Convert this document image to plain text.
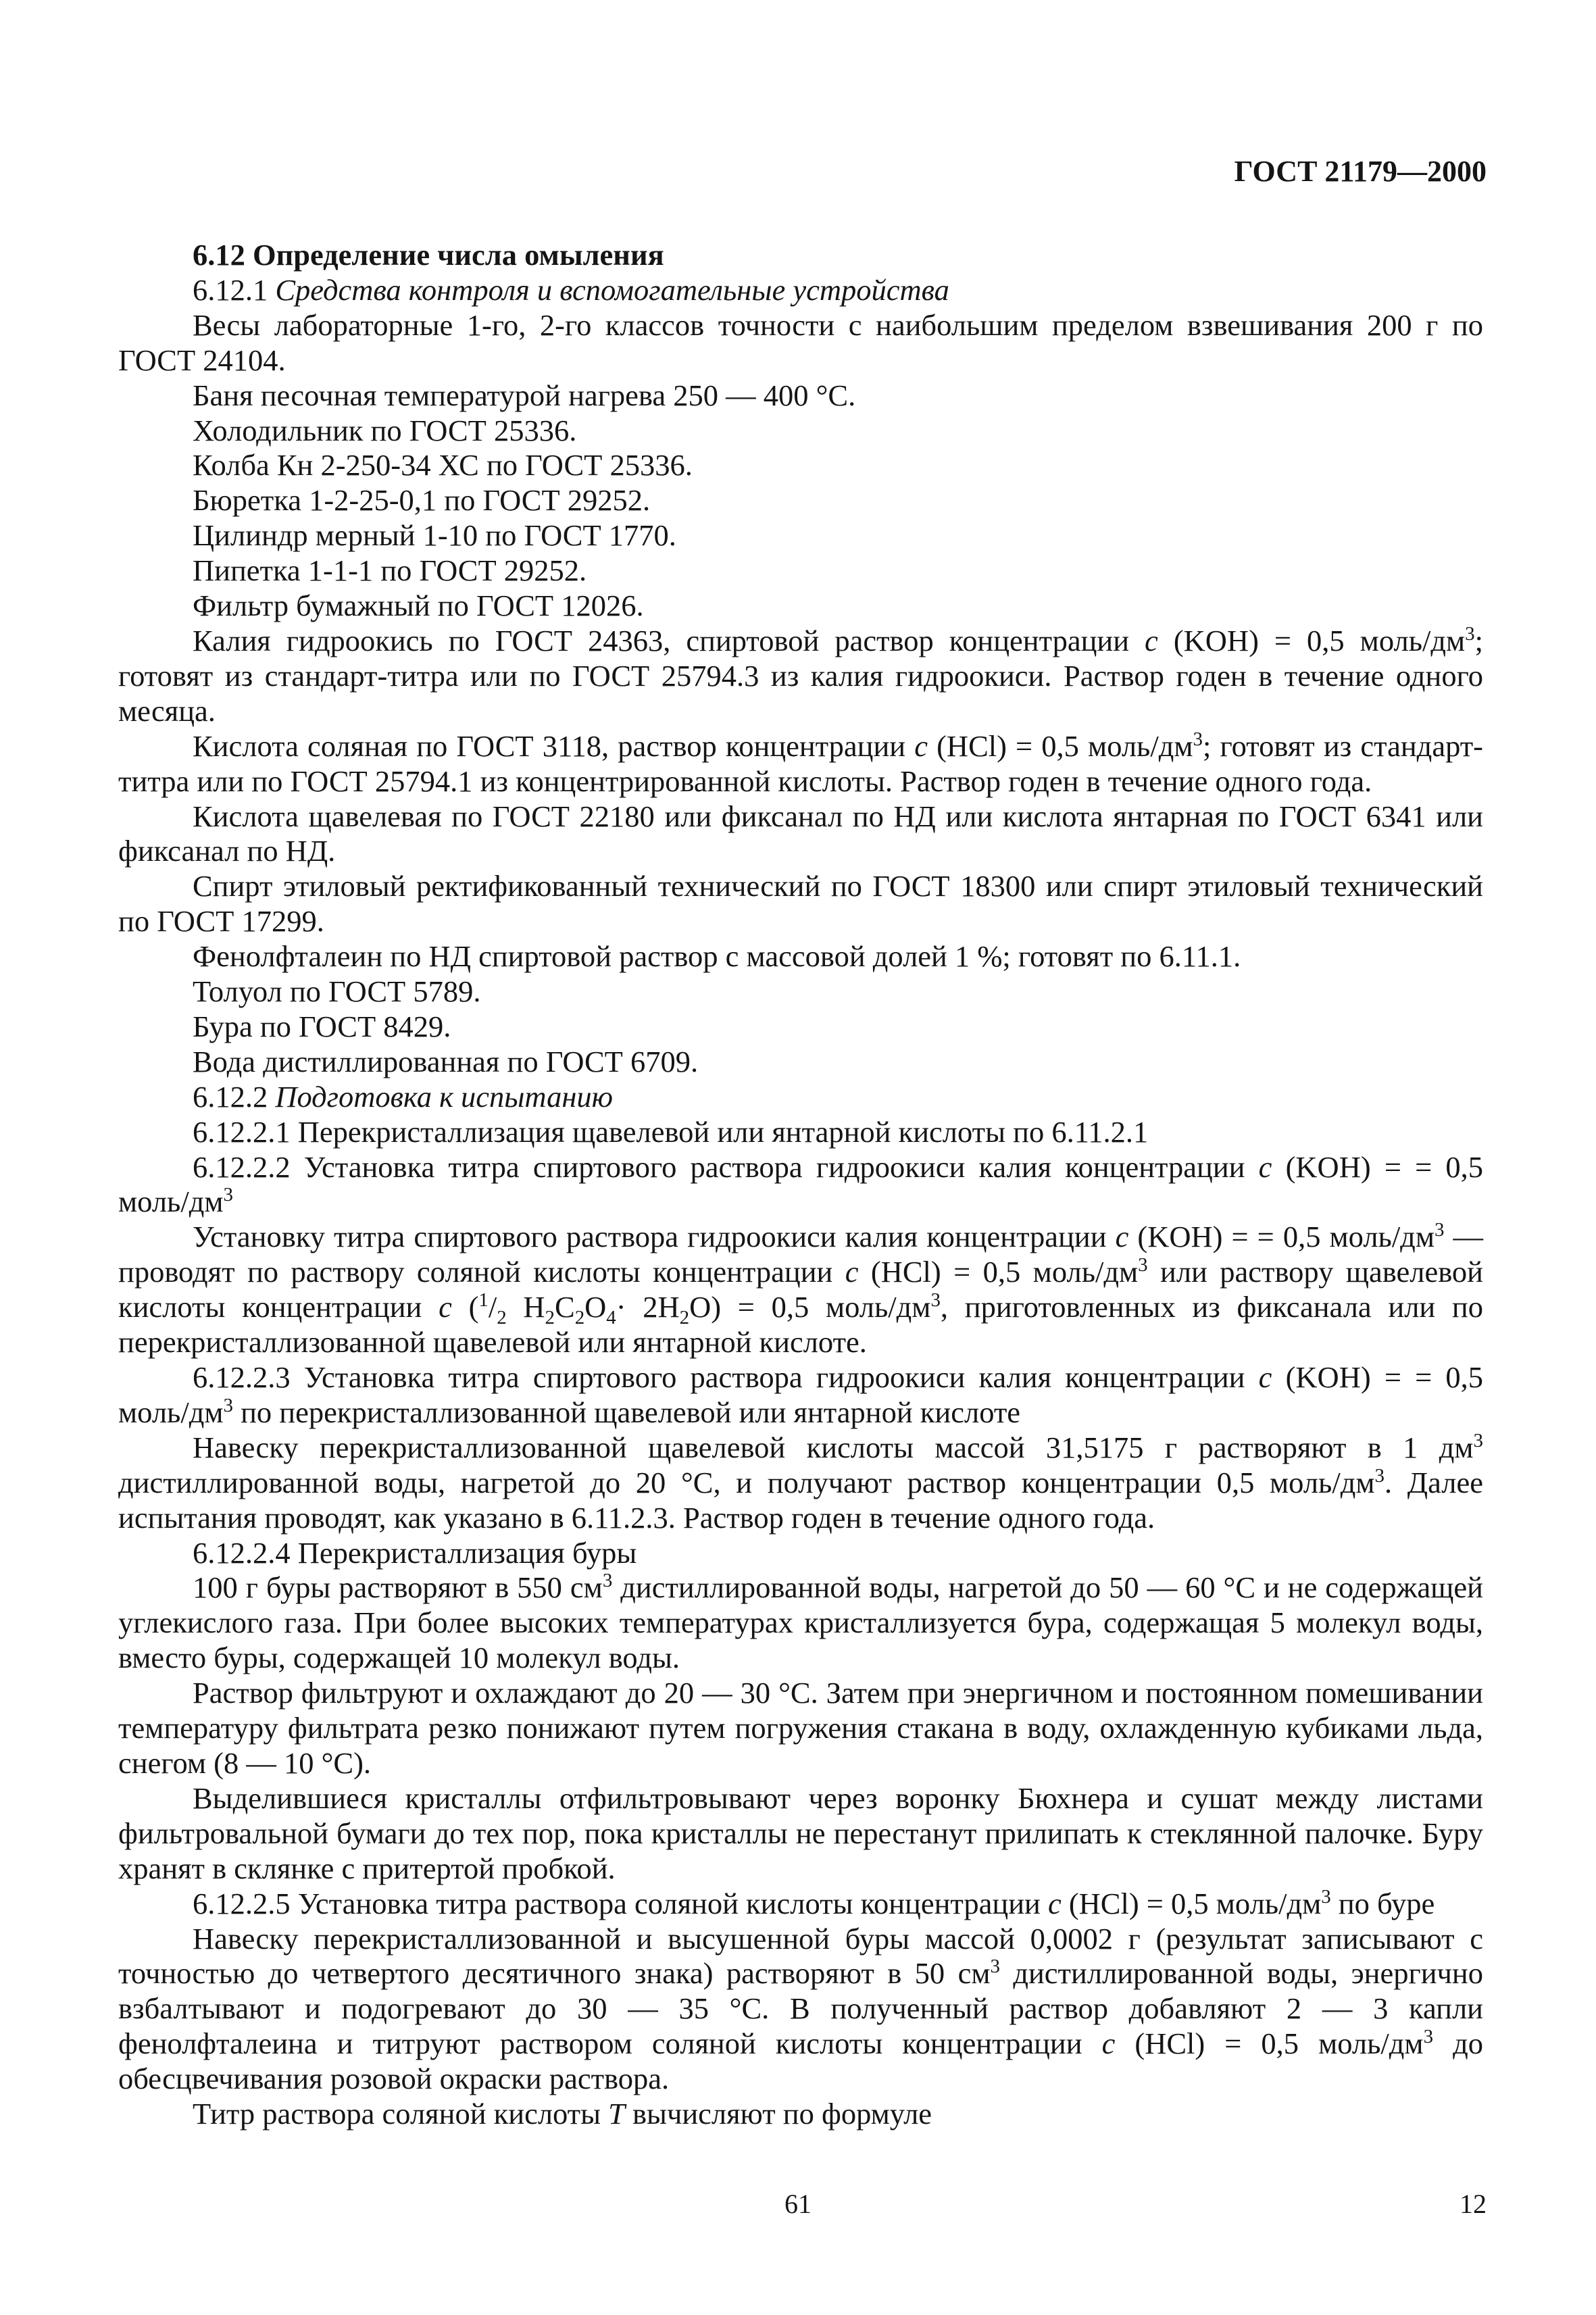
ГОСТ 21179—2000
6.12 Определение числа омыления

6.12.1 Средства контроля и вспомогательные устройства

Весы лабораторные 1-го, 2-го классов точности с наибольшим пределом взвешивания 200 г по ГОСТ 24104.

Баня песочная температурой нагрева 250 — 400 °C.

Холодильник по ГОСТ 25336.

Колба Кн 2-250-34 ХС по ГОСТ 25336.

Бюретка 1-2-25-0,1 по ГОСТ 29252.

Цилиндр мерный 1-10 по ГОСТ 1770.

Пипетка 1-1-1 по ГОСТ 29252.

Фильтр бумажный по ГОСТ 12026.

Калия гидроокись по ГОСТ 24363, спиртовой раствор концентрации c (KOH) = 0,5 моль/$дм^3$; готовят из стандарт-титра или по ГОСТ 25794.3 из калия гидроокиси. Раствор годен в течение одного месяца.

Кислота соляная по ГОСТ 3118, раствор концентрации c (HCl) = 0,5 моль/$дм^3$; готовят из стандарт-титра или по ГОСТ 25794.1 из концентрированной кислоты. Раствор годен в течение одного года.

Кислота щавелевая по ГОСТ 22180 или фиксанал по НД или кислота янтарная по ГОСТ 6341 или фиксанал по НД.

Спирт этиловый ректификованный технический по ГОСТ 18300 или спирт этиловый технический по ГОСТ 17299.

Фенолфталеин по НД спиртовой раствор с массовой долей 1 %; готовят по 6.11.1.

Толуол по ГОСТ 5789.

Бура по ГОСТ 8429.

Вода дистиллированная по ГОСТ 6709.

6.12.2 Подготовка к испытанию

6.12.2.1 Перекристаллизация щавелевой или янтарной кислоты по 6.11.2.1

6.12.2.2 Установка титра спиртового раствора гидроокиси калия концентрации c (KOH) = = 0,5 моль/$дм^3$

Установку титра спиртового раствора гидроокиси калия концентрации c (KOH) = = 0,5 моль/$дм^3$ — проводят по раствору соляной кислоты концентрации c (HCl) = 0,5 моль/$дм^3$ или раствору щавелевой кислоты концентрации c ($^1/_2$ $H_2C_2O_4\cdot 2H_2O) = 0,5$ моль/$дм^3$, приготовленных из фиксанала или по перекристаллизованной щавелевой или янтарной кислоте.

6.12.2.3 Установка титра спиртового раствора гидроокиси калия концентрации c (KOH) = = 0,5 моль/$дм^3$ по перекристаллизованной щавелевой или янтарной кислоте

Навеску перекристаллизованной щавелевой кислоты массой 31,5175 г растворяют в 1 $дм^3$ дистиллированной воды, нагретой до 20 °C, и получают раствор концентрации 0,5 моль/$дм^3$. Далее испытания проводят, как указано в 6.11.2.3. Раствор годен в течение одного года.

6.12.2.4 Перекристаллизация буры

100 г буры растворяют в 550 $см^3$ дистиллированной воды, нагретой до 50 — 60 °C и не содержащей углекислого газа. При более высоких температурах кристаллизуется бура, содержащая 5 молекул воды, вместо буры, содержащей 10 молекул воды.

Раствор фильтруют и охлаждают до 20 — 30 °C. Затем при энергичном и постоянном помешивании температуру фильтрата резко понижают путем погружения стакана в воду, охлажденную кубиками льда, снегом (8 — 10 °C).

Выделившиеся кристаллы отфильтровывают через воронку Бюхнера и сушат между листами фильтровальной бумаги до тех пор, пока кристаллы не перестанут прилипать к стеклянной палочке. Буру хранят в склянке с притертой пробкой.

6.12.2.5 Установка титра раствора соляной кислоты концентрации c (HCl) = 0,5 моль/$дм^3$ по буре

Навеску перекристаллизованной и высушенной буры массой 0,0002 г (результат записывают с точностью до четвертого десятичного знака) растворяют в 50 $см^3$ дистиллированной воды, энергично взбалтывают и подогревают до 30 — 35 °C. В полученный раствор добавляют 2 — 3 капли фенолфталеина и титруют раствором соляной кислоты концентрации c (HCl) = 0,5 моль/$дм^3$ до обесцвечивания розовой окраски раствора.

Титр раствора соляной кислоты T вычисляют по формуле

61	12
